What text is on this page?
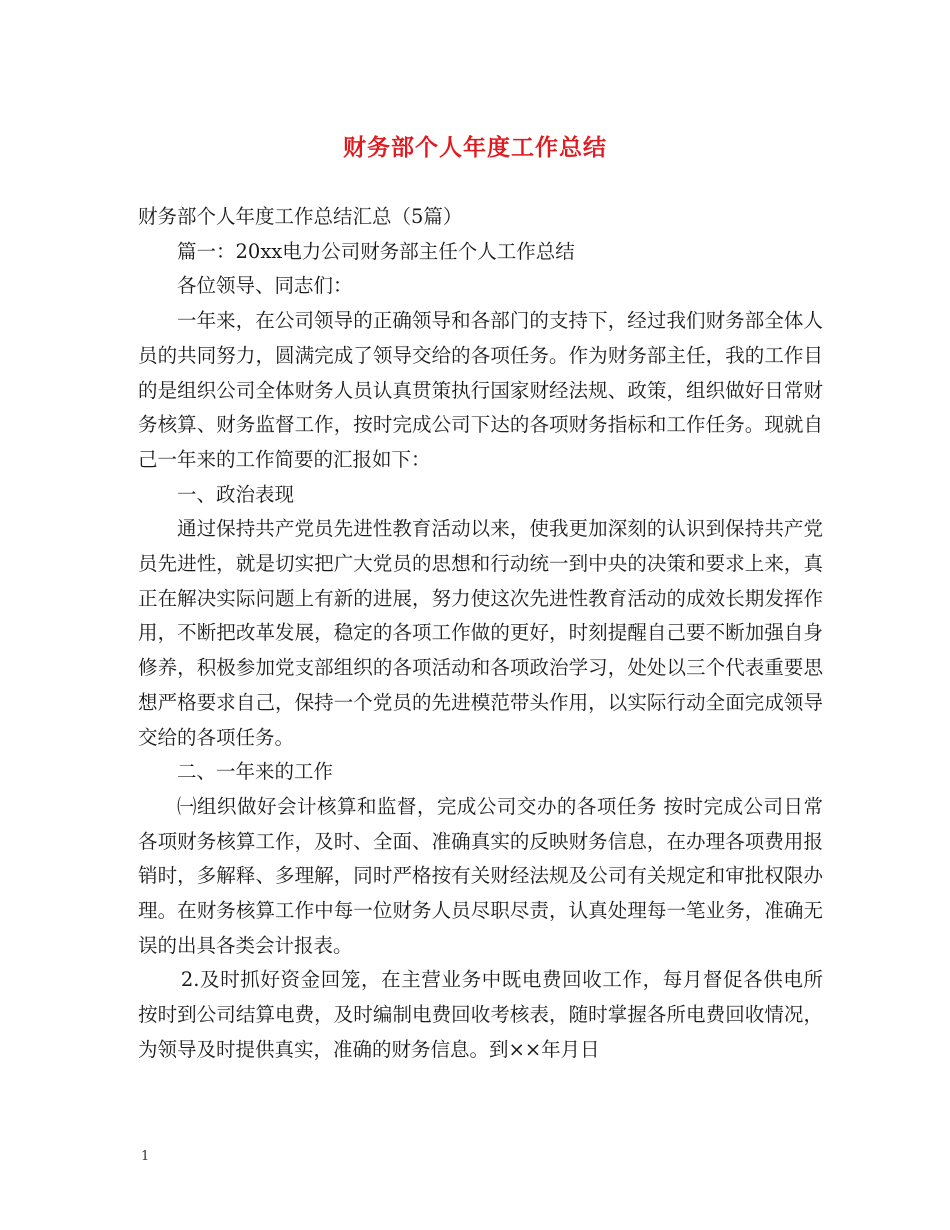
财务部个人年度工作总结

财务部个人年度工作总结汇总（5篇）

篇一：20xx电力公司财务部主任个人工作总结

各位领导、同志们：

一年来，在公司领导的正确领导和各部门的支持下，经过我们财务部全体人员的共同努力，圆满完成了领导交给的各项任务。作为财务部主任，我的工作目的是组织公司全体财务人员认真贯策执行国家财经法规、政策，组织做好日常财务核算、财务监督工作，按时完成公司下达的各项财务指标和工作任务。现就自己一年来的工作简要的汇报如下：

一、政治表现

通过保持共产党员先进性教育活动以来，使我更加深刻的认识到保持共产党员先进性，就是切实把广大党员的思想和行动统一到中央的决策和要求上来，真正在解决实际问题上有新的进展，努力使这次先进性教育活动的成效长期发挥作用，不断把改革发展，稳定的各项工作做的更好，时刻提醒自己要不断加强自身修养，积极参加党支部组织的各项活动和各项政治学习，处处以三个代表重要思想严格要求自己，保持一个党员的先进模范带头作用，以实际行动全面完成领导交给的各项任务。

二、一年来的工作

㈠组织做好会计核算和监督，完成公司交办的各项任务 按时完成公司日常各项财务核算工作，及时、全面、准确真实的反映财务信息，在办理各项费用报销时，多解释、多理解，同时严格按有关财经法规及公司有关规定和审批权限办理。在财务核算工作中每一位财务人员尽职尽责，认真处理每一笔业务，准确无误的出具各类会计报表。

2.及时抓好资金回笼，在主营业务中既电费回收工作，每月督促各供电所按时到公司结算电费，及时编制电费回收考核表，随时掌握各所电费回收情况，为领导及时提供真实，准确的财务信息。到××年月日

1
